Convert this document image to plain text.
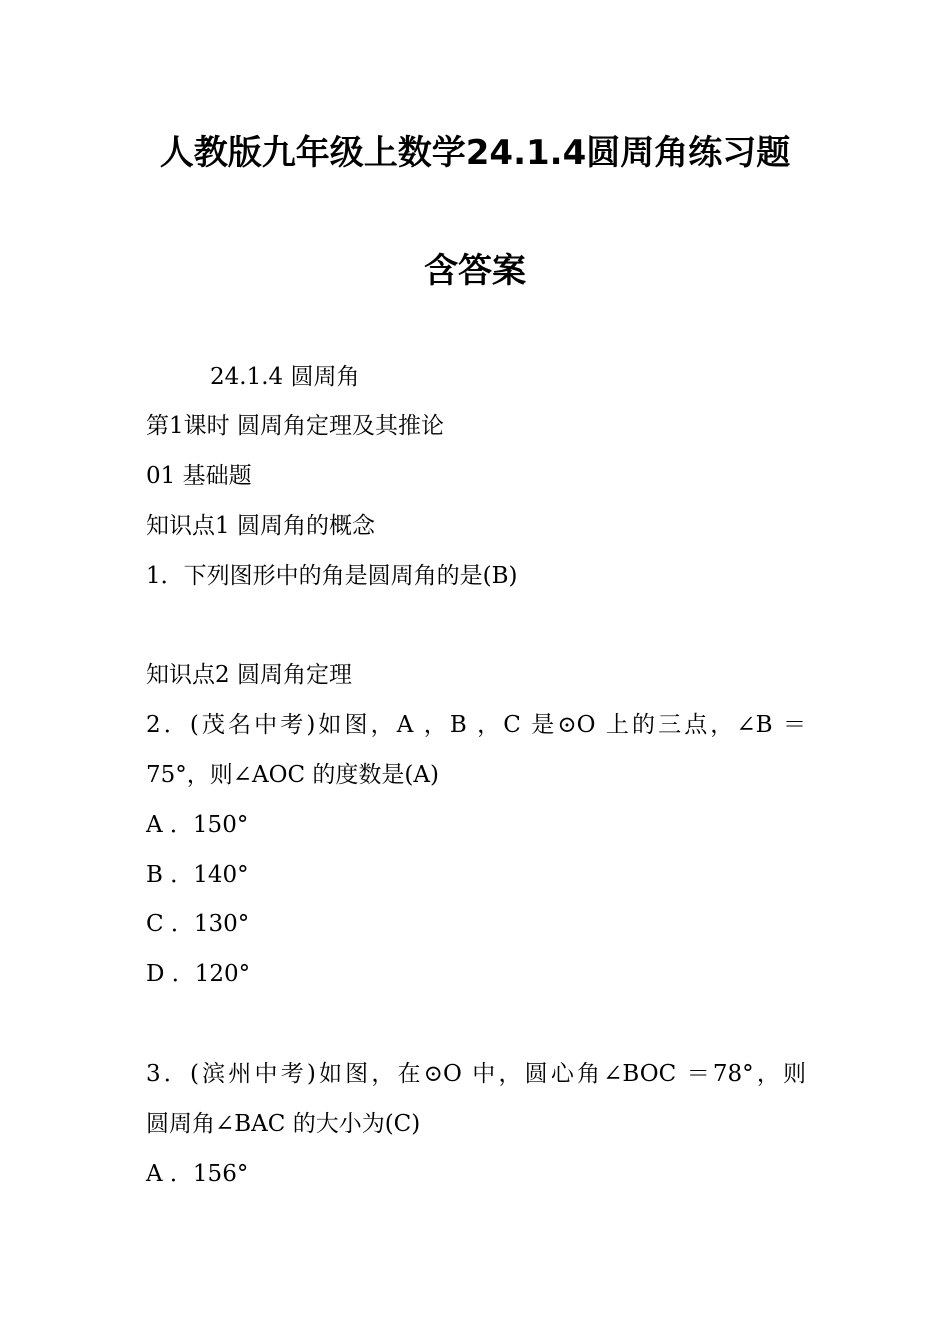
人教版九年级上数学24.1.4圆周角练习题
含答案
24.1.4 圆周角
第1课时 圆周角定理及其推论
01 基础题
知识点1 圆周角的概念
1．下列图形中的角是圆周角的是(B)
知识点2 圆周角定理
2．(茂名中考)如图，A ，B ，C 是⊙O 上的三点，∠B ＝
75°，则∠AOC 的度数是(A)
A ．150°
B ．140°
C ．130°
D ．120°
3．(滨州中考)如图，在⊙O 中，圆心角∠BOC ＝78°，则
圆周角∠BAC 的大小为(C)
A ．156°
